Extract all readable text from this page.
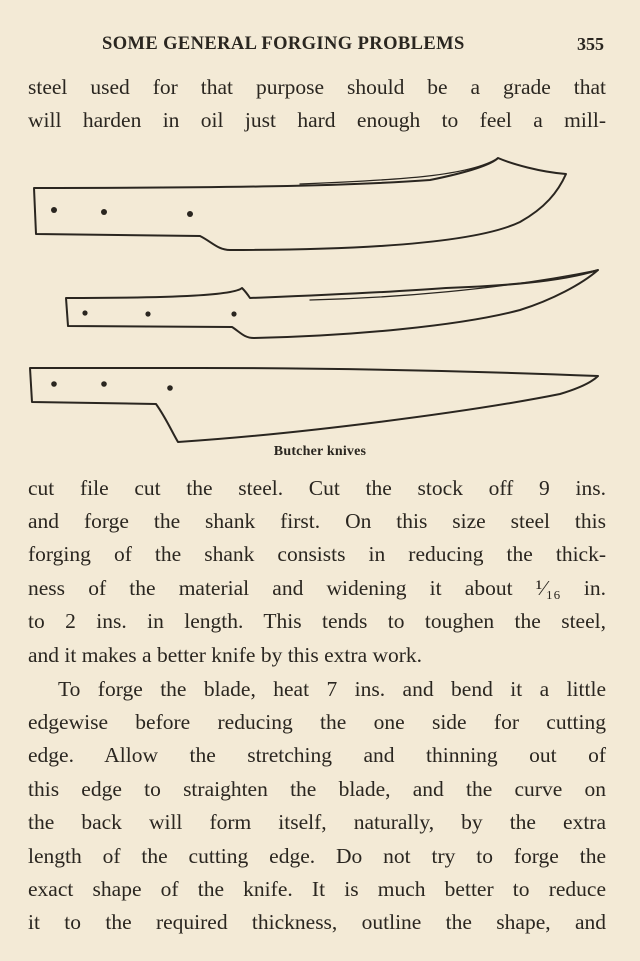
SOME GENERAL FORGING PROBLEMS	355
steel used for that purpose should be a grade that
will harden in oil just hard enough to feel a mill-
Butcher knives
cut file cut the steel. Cut the stock off 9 ins.
and forge the shank first. On this size steel this
forging of the shank consists in reducing the thick-
ness of the material and widening it about ¹⁄₁₆ in.
to 2 ins. in length. This tends to toughen the steel,
and it makes a better knife by this extra work.
To forge the blade, heat 7 ins. and bend it a little
edgewise before reducing the one side for cutting
edge. Allow the stretching and thinning out of
this edge to straighten the blade, and the curve on
the back will form itself, naturally, by the extra
length of the cutting edge. Do not try to forge the
exact shape of the knife. It is much better to reduce
it to the required thickness, outline the shape, and
